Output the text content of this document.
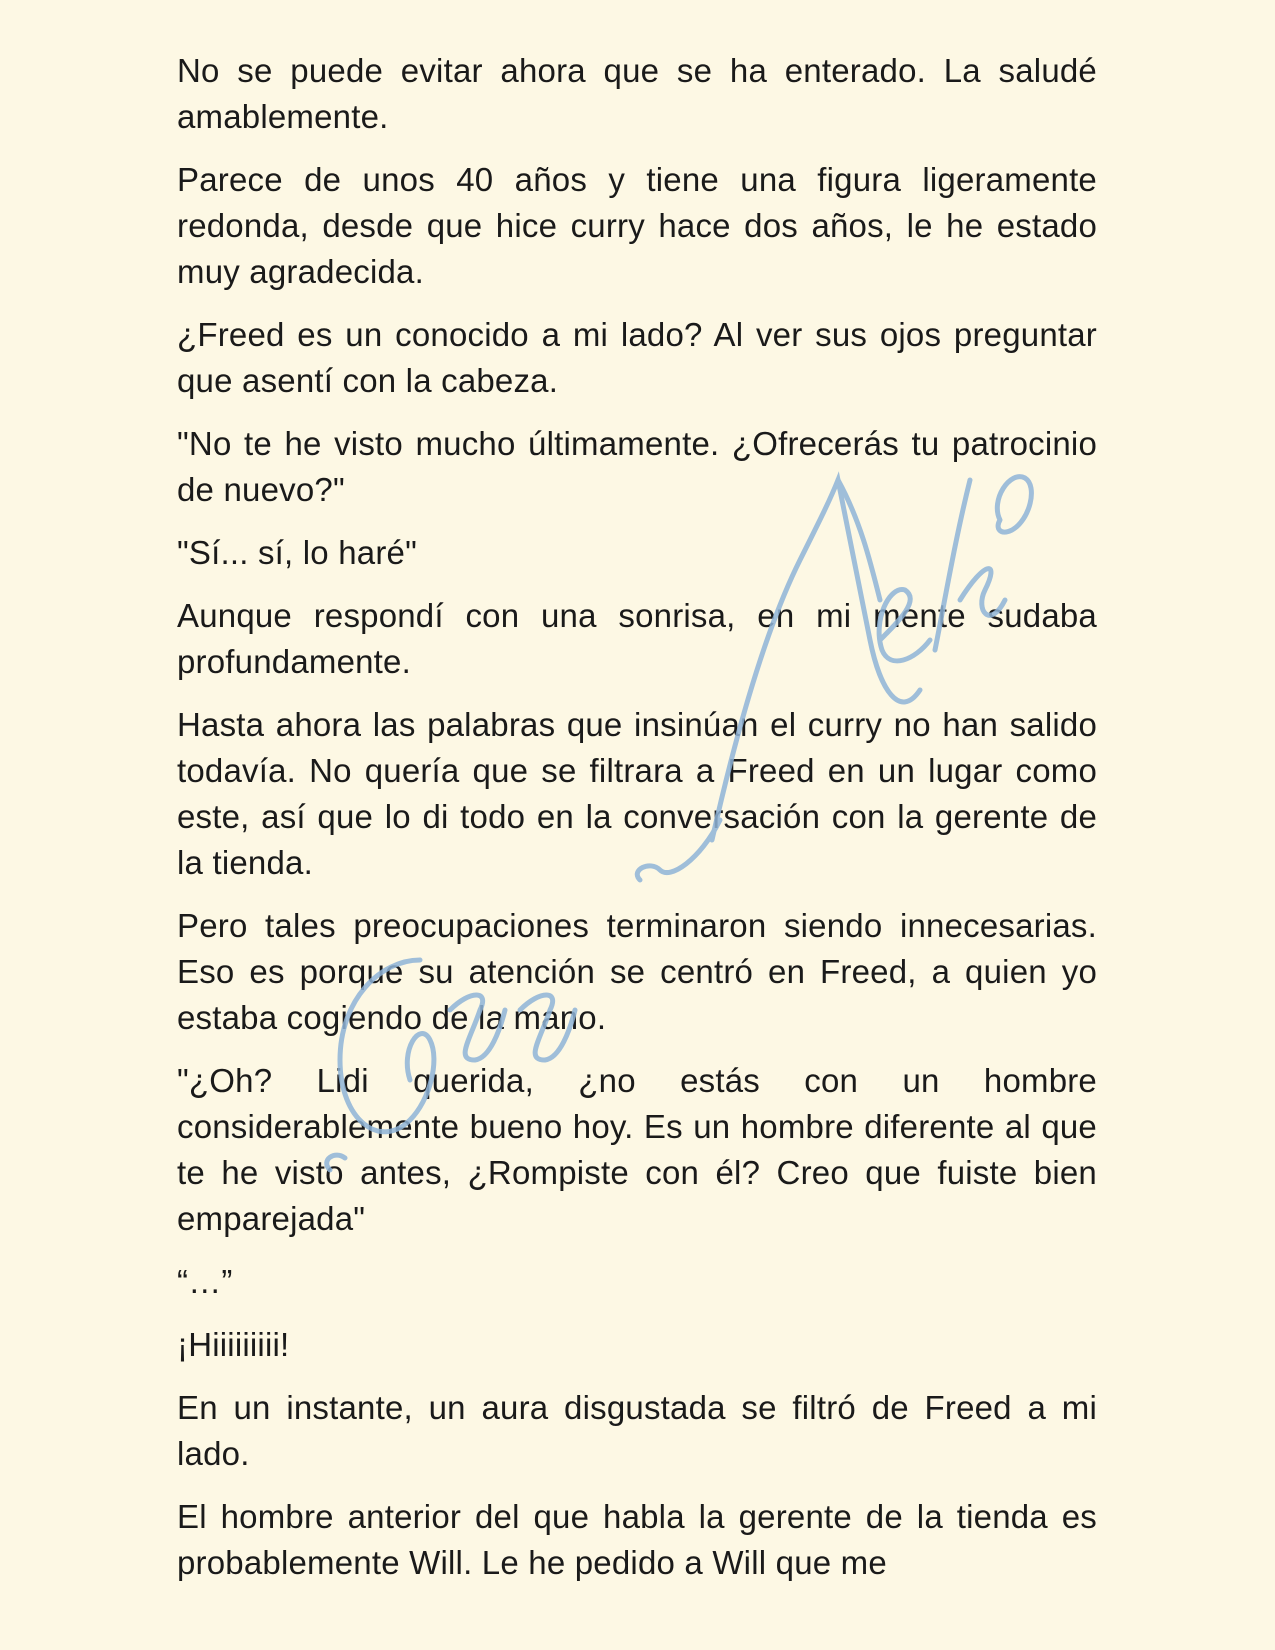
No se puede evitar ahora que se ha enterado. La saludé amablemente.

Parece de unos 40 años y tiene una figura ligeramente redonda, desde que hice curry hace dos años, le he estado muy agradecida.

¿Freed es un conocido a mi lado? Al ver sus ojos preguntar que asentí con la cabeza.

"No te he visto mucho últimamente. ¿Ofrecerás tu patrocinio de nuevo?"

"Sí... sí, lo haré"

Aunque respondí con una sonrisa, en mi mente sudaba profundamente.

Hasta ahora las palabras que insinúan el curry no han salido todavía. No quería que se filtrara a Freed en un lugar como este, así que lo di todo en la conversación con la gerente de la tienda.

Pero tales preocupaciones terminaron siendo innecesarias. Eso es porque su atención se centró en Freed, a quien yo estaba cogiendo de la mano.

"¿Oh? Lidi querida, ¿no estás con un hombre considerablemente bueno hoy. Es un hombre diferente al que te he visto antes, ¿Rompiste con él? Creo que fuiste bien emparejada"

“…”

¡Hiiiiiiiii!

En un instante, un aura disgustada se filtró de Freed a mi lado.

El hombre anterior del que habla la gerente de la tienda es probablemente Will. Le he pedido a Will que me
